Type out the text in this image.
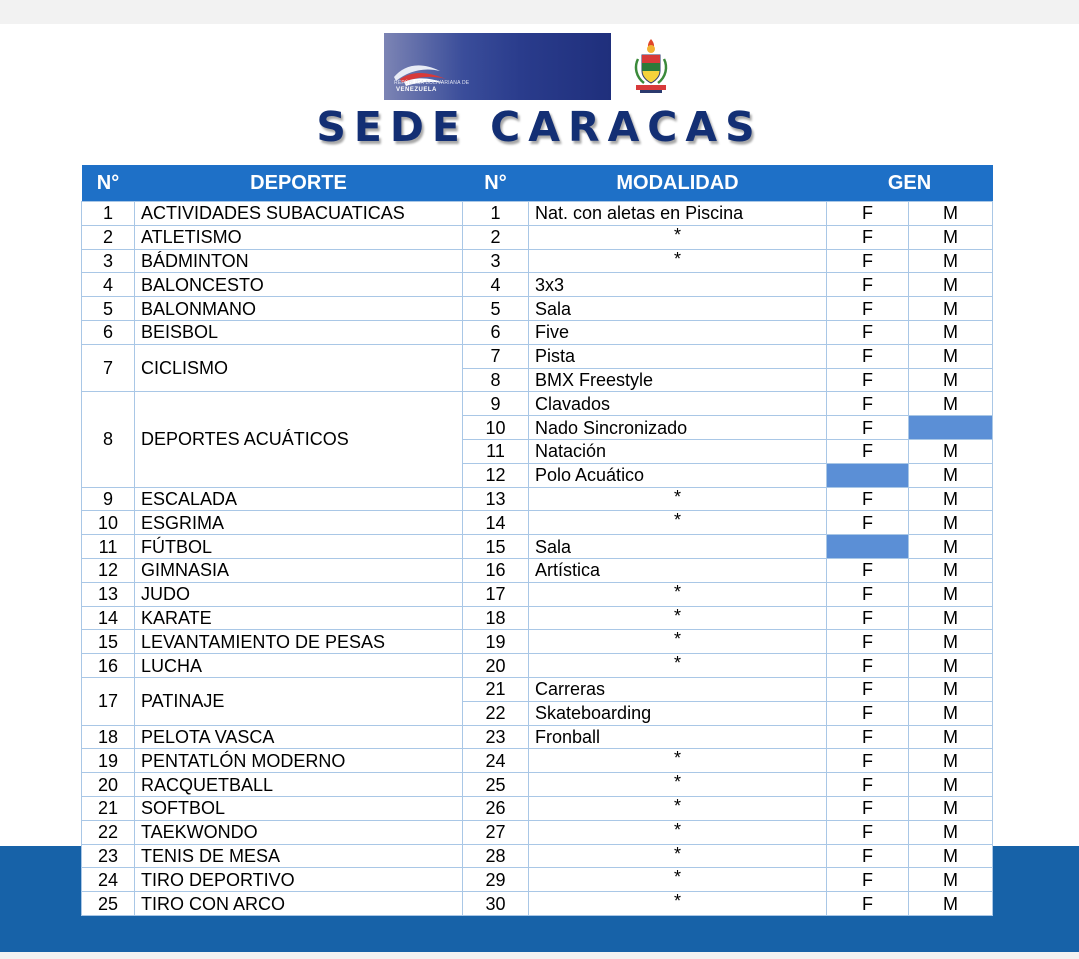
REPÚBLICA BOLIVARIANA DE
VENEZUELA
SEDE CARACAS
N°	DEPORTE	N°	MODALIDAD	GEN	
1	ACTIVIDADES SUBACUATICAS	1	Nat. con aletas en Piscina	F	M
2	ATLETISMO	2	*	F	M
3	BÁDMINTON	3	*	F	M
4	BALONCESTO	4	3x3	F	M
5	BALONMANO	5	Sala	F	M
6	BEISBOL	6	Five	F	M
7	CICLISMO	7	Pista	F	M
		8	BMX Freestyle	F	M
8	DEPORTES ACUÁTICOS	9	Clavados	F	M
		10	Nado Sincronizado	F	
		11	Natación	F	M
		12	Polo Acuático		M
9	ESCALADA	13	*	F	M
10	ESGRIMA	14	*	F	M
11	FÚTBOL	15	Sala		M
12	GIMNASIA	16	Artística	F	M
13	JUDO	17	*	F	M
14	KARATE	18	*	F	M
15	LEVANTAMIENTO DE PESAS	19	*	F	M
16	LUCHA	20	*	F	M
17	PATINAJE	21	Carreras	F	M
		22	Skateboarding	F	M
18	PELOTA VASCA	23	Fronball	F	M
19	PENTATLÓN MODERNO	24	*	F	M
20	RACQUETBALL	25	*	F	M
21	SOFTBOL	26	*	F	M
22	TAEKWONDO	27	*	F	M
23	TENIS DE MESA	28	*	F	M
24	TIRO DEPORTIVO	29	*	F	M
25	TIRO CON ARCO	30	*	F	M
